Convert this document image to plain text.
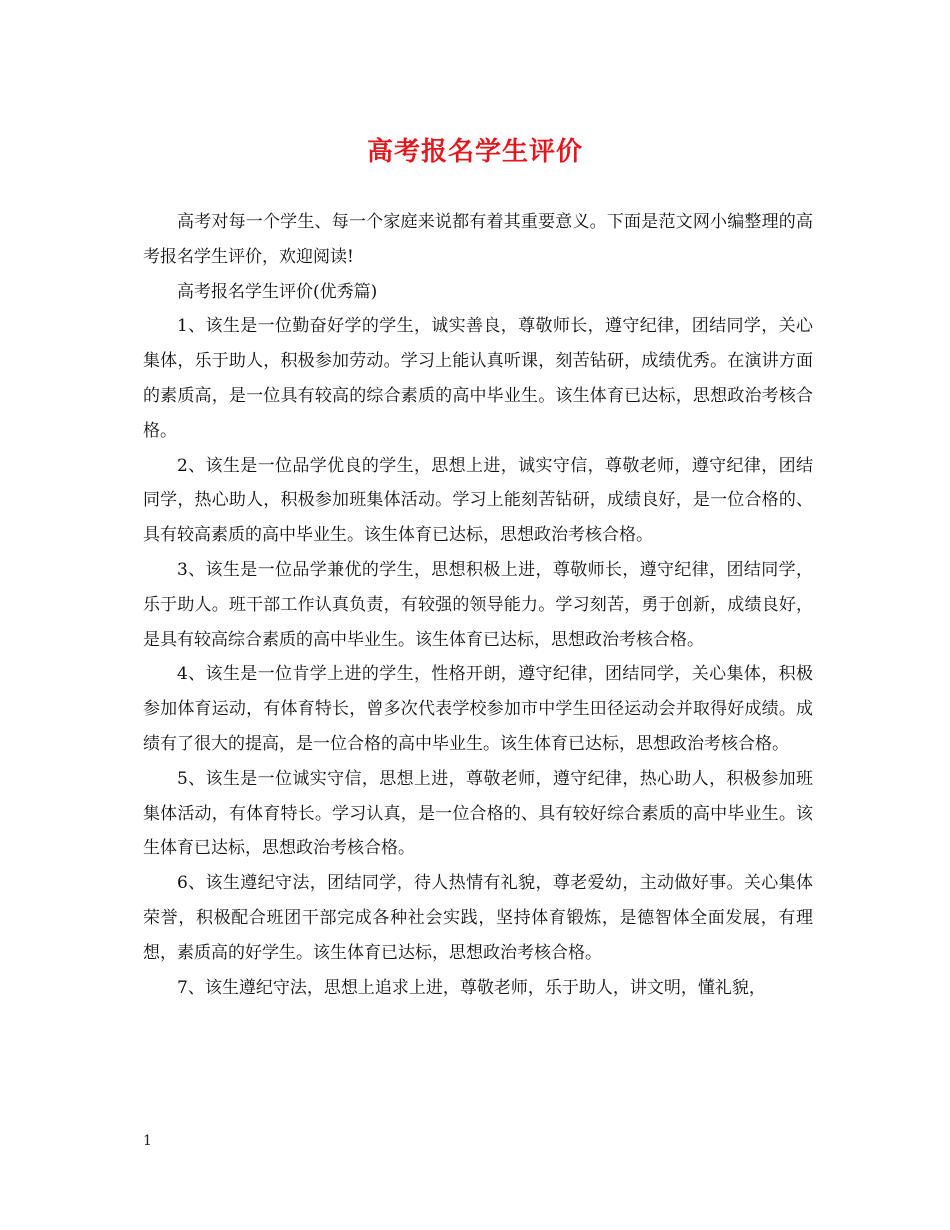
高考报名学生评价

高考对每一个学生、每一个家庭来说都有着其重要意义。下面是范文网小编整理的高考报名学生评价，欢迎阅读!

高考报名学生评价(优秀篇)

1、该生是一位勤奋好学的学生，诚实善良，尊敬师长，遵守纪律，团结同学，关心集体，乐于助人，积极参加劳动。学习上能认真听课，刻苦钻研，成绩优秀。在演讲方面的素质高，是一位具有较高的综合素质的高中毕业生。该生体育已达标，思想政治考核合格。

2、该生是一位品学优良的学生，思想上进，诚实守信，尊敬老师，遵守纪律，团结同学，热心助人，积极参加班集体活动。学习上能刻苦钻研，成绩良好，是一位合格的、具有较高素质的高中毕业生。该生体育已达标，思想政治考核合格。

3、该生是一位品学兼优的学生，思想积极上进，尊敬师长，遵守纪律，团结同学，乐于助人。班干部工作认真负责，有较强的领导能力。学习刻苦，勇于创新，成绩良好，是具有较高综合素质的高中毕业生。该生体育已达标，思想政治考核合格。

4、该生是一位肯学上进的学生，性格开朗，遵守纪律，团结同学，关心集体，积极参加体育运动，有体育特长，曾多次代表学校参加市中学生田径运动会并取得好成绩。成绩有了很大的提高，是一位合格的高中毕业生。该生体育已达标，思想政治考核合格。

5、该生是一位诚实守信，思想上进，尊敬老师，遵守纪律，热心助人，积极参加班集体活动，有体育特长。学习认真，是一位合格的、具有较好综合素质的高中毕业生。该生体育已达标，思想政治考核合格。

6、该生遵纪守法，团结同学，待人热情有礼貌，尊老爱幼，主动做好事。关心集体荣誉，积极配合班团干部完成各种社会实践，坚持体育锻炼，是德智体全面发展，有理想，素质高的好学生。该生体育已达标，思想政治考核合格。

7、该生遵纪守法，思想上追求上进，尊敬老师，乐于助人，讲文明，懂礼貌，

1
